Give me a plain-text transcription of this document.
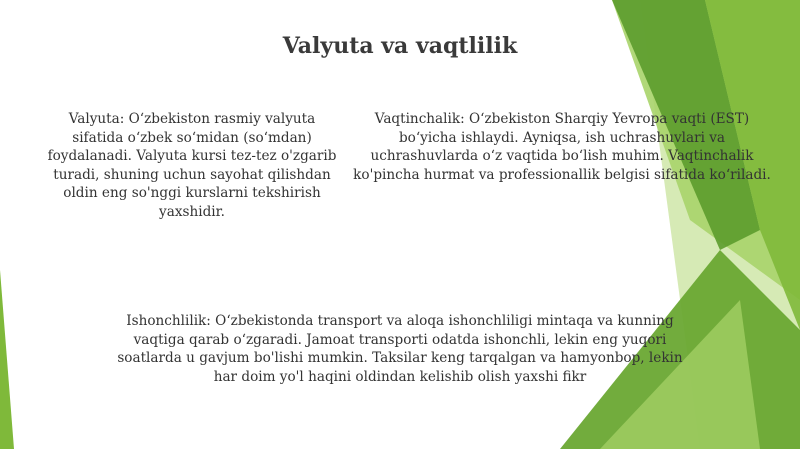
Valyuta va vaqtlilik
Valyuta: O‘zbekiston rasmiy valyuta sifatida o‘zbek so‘midan (so‘mdan) foydalanadi. Valyuta kursi tez-tez o'zgarib turadi, shuning uchun sayohat qilishdan oldin eng so'nggi kurslarni tekshirish yaxshidir.
Vaqtinchalik: O‘zbekiston Sharqiy Yevropa vaqti (EST) bo‘yicha ishlaydi. Ayniqsa, ish uchrashuvlari va uchrashuvlarda o‘z vaqtida bo‘lish muhim. Vaqtinchalik ko'pincha hurmat va professionallik belgisi sifatida ko‘riladi.
Ishonchlilik: O‘zbekistonda transport va aloqa ishonchliligi mintaqa va kunning vaqtiga qarab o‘zgaradi. Jamoat transporti odatda ishonchli, lekin eng yuqori soatlarda u gavjum bo'lishi mumkin. Taksilar keng tarqalgan va hamyonbop, lekin har doim yo'l haqini oldindan kelishib olish yaxshi fikr
